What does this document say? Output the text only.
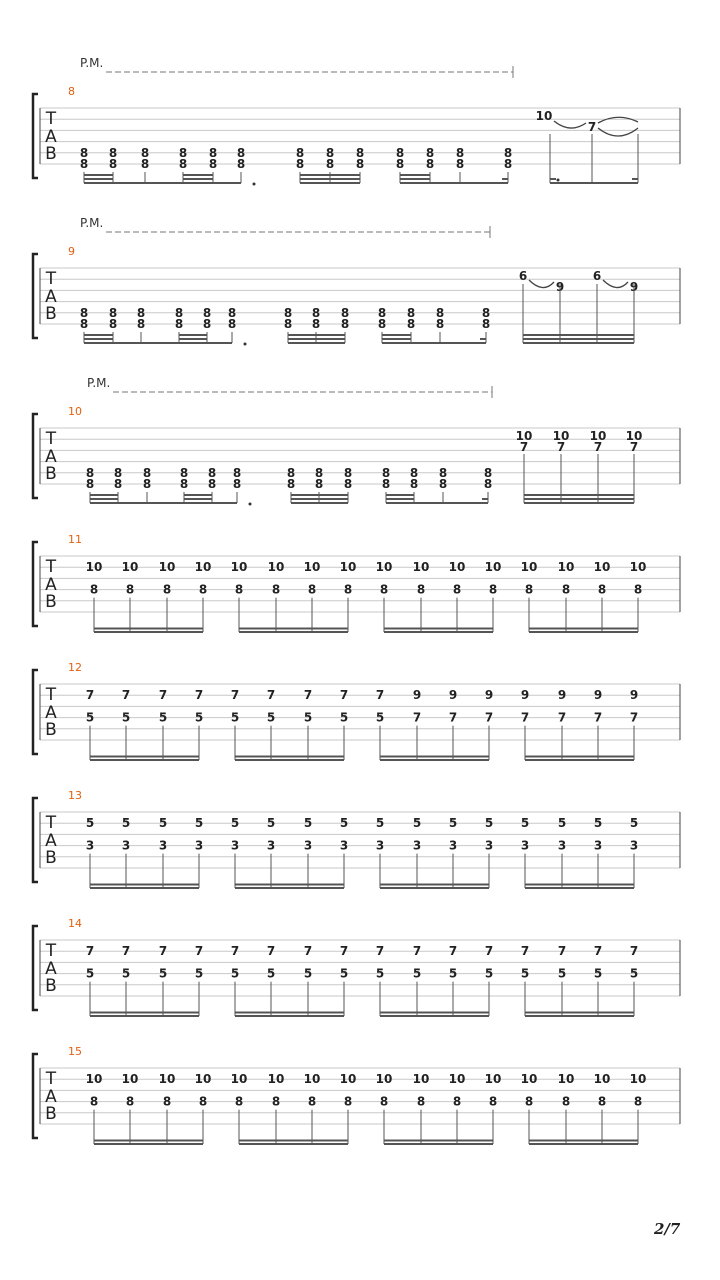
T
A
B
8
P.M.
8
8
8
8
8
8
8
8
8
8
8
8
8
8
8
8
8
8
8
8
8
8
8
8
8
8
10
7
T
A
B
9
P.M.
8
8
8
8
8
8
8
8
8
8
8
8
8
8
8
8
8
8
8
8
8
8
8
8
8
8
6
9
6
9
T
A
B
10
P.M.
8
8
8
8
8
8
8
8
8
8
8
8
8
8
8
8
8
8
8
8
8
8
8
8
8
8
10
7
10
7
10
7
10
7
T
A
B
11
10
8
10
8
10
8
10
8
10
8
10
8
10
8
10
8
10
8
10
8
10
8
10
8
10
8
10
8
10
8
10
8
T
A
B
12
7
5
7
5
7
5
7
5
7
5
7
5
7
5
7
5
7
5
9
7
9
7
9
7
9
7
9
7
9
7
9
7
T
A
B
13
5
3
5
3
5
3
5
3
5
3
5
3
5
3
5
3
5
3
5
3
5
3
5
3
5
3
5
3
5
3
5
3
T
A
B
14
7
5
7
5
7
5
7
5
7
5
7
5
7
5
7
5
7
5
7
5
7
5
7
5
7
5
7
5
7
5
7
5
T
A
B
15
10
8
10
8
10
8
10
8
10
8
10
8
10
8
10
8
10
8
10
8
10
8
10
8
10
8
10
8
10
8
10
8
2/7
